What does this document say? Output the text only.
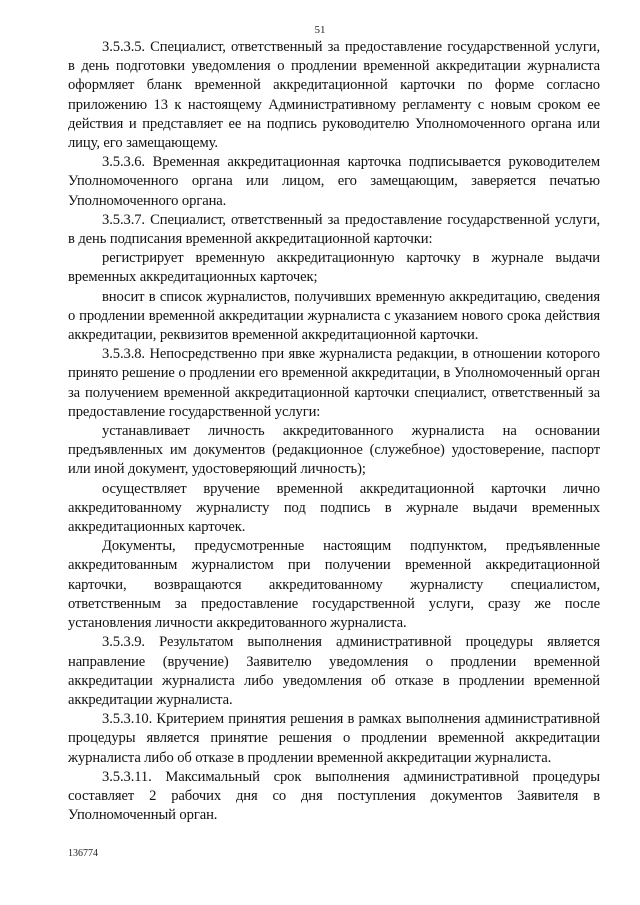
51

3.5.3.5. Специалист, ответственный за предоставление государственной услуги, в день подготовки уведомления о продлении временной аккредитации журналиста оформляет бланк временной аккредитационной карточки по форме согласно приложению 13 к настоящему Административному регламенту с новым сроком ее действия и представляет ее на подпись руководителю Уполномоченного органа или лицу, его замещающему.

3.5.3.6. Временная аккредитационная карточка подписывается руководителем Уполномоченного органа или лицом, его замещающим, заверяется печатью Уполномоченного органа.

3.5.3.7. Специалист, ответственный за предоставление государственной услуги, в день подписания временной аккредитационной карточки:

регистрирует временную аккредитационную карточку в журнале выдачи временных аккредитационных карточек;

вносит в список журналистов, получивших временную аккредитацию, сведения о продлении временной аккредитации журналиста с указанием нового срока действия аккредитации, реквизитов временной аккредитационной карточки.

3.5.3.8. Непосредственно при явке журналиста редакции, в отношении которого принято решение о продлении его временной аккредитации, в Уполномоченный орган за получением временной аккредитационной карточки специалист, ответственный за предоставление государственной услуги:

устанавливает личность аккредитованного журналиста на основании предъявленных им документов (редакционное (служебное) удостоверение, паспорт или иной документ, удостоверяющий личность);

осуществляет вручение временной аккредитационной карточки лично аккредитованному журналисту под подпись в журнале выдачи временных аккредитационных карточек.

Документы, предусмотренные настоящим подпунктом, предъявленные аккредитованным журналистом при получении временной аккредитационной карточки, возвращаются аккредитованному журналисту специалистом, ответственным за предоставление государственной услуги, сразу же после установления личности аккредитованного журналиста.

3.5.3.9. Результатом выполнения административной процедуры является направление (вручение) Заявителю уведомления о продлении временной аккредитации журналиста либо уведомления об отказе в продлении временной аккредитации журналиста.

3.5.3.10. Критерием принятия решения в рамках выполнения административной процедуры является принятие решения о продлении временной аккредитации журналиста либо об отказе в продлении временной аккредитации журналиста.

3.5.3.11. Максимальный срок выполнения административной процедуры составляет 2 рабочих дня со дня поступления документов Заявителя в Уполномоченный орган.

136774
